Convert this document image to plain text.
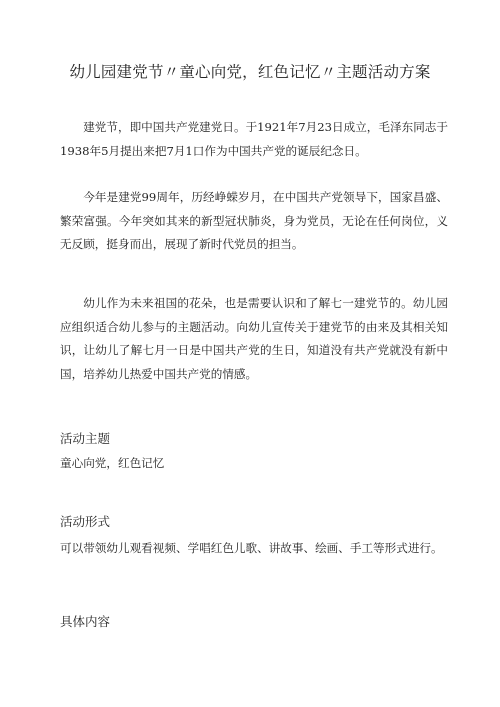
幼儿园建党节〃童心向党，红色记忆〃主题活动方案

建党节，即中国共产党建党日。于1921年7月23日成立，毛泽东同志于1938年5月提出来把7月1口作为中国共产党的诞辰纪念日。

今年是建党99周年，历经峥蝾岁月，在中国共产党领导下，国家昌盛、繁荣富强。今年突如其来的新型冠状肺炎，身为党员，无论在任何岗位，义无反顾，挺身而出，展现了新时代党员的担当。

幼儿作为未来祖国的花朵，也是需要认识和了解七一建党节的。幼儿园应组织适合幼儿参与的主题活动。向幼儿宣传关于建党节的由来及其相关知识，让幼儿了解七月一日是中国共产党的生日，知道没有共产党就没有新中国，培养幼儿热爱中国共产党的情感。

活动主题

童心向党，红色记忆

活动形式

可以带领幼儿观看视频、学唱红色儿歌、讲故事、绘画、手工等形式进行。

具体内容
